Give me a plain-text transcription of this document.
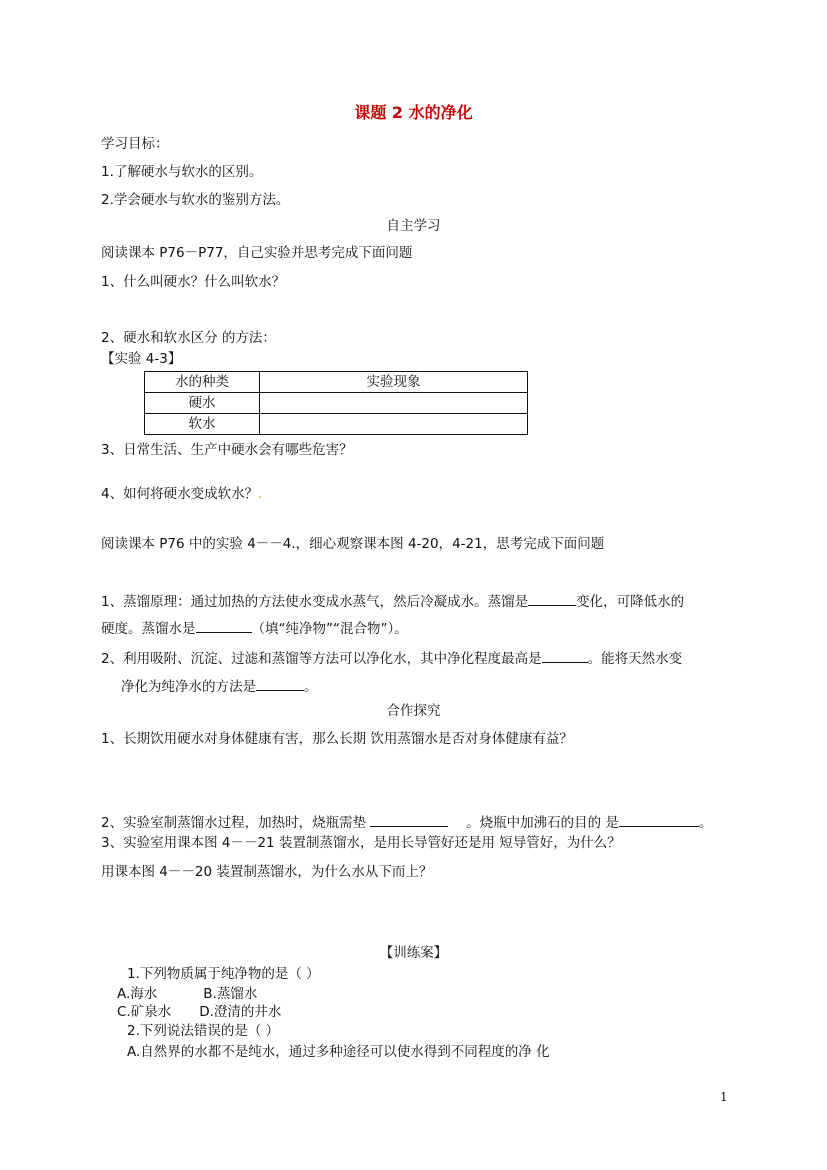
课题 2 水的净化
学习目标：
1.了解硬水与软水的区别。
2.学会硬水与软水的鉴别方法。
自主学习
阅读课本 P76－P77，自己实验并思考完成下面问题
1、什么叫硬水？什么叫软水？
2、硬水和软水区分 的方法：
【实验 4-3】
水的种类	实验现象
硬水	
软水	
3、日常生活、生产中硬水会有哪些危害？
4、如何将硬水变成软水？.
阅读课本 P76 中的实验 4－－4.，细心观察课本图 4-20，4-21，思考完成下面问题
1、蒸馏原理：通过加热的方法使水变成水蒸气，然后冷凝成水。蒸馏是	变化，可降低水的
硬度。蒸馏水是	（填“纯净物”“混合物”）。
2、利用吸附、沉淀、过滤和蒸馏等方法可以净化水，其中净化程度最高是	。能将天然水变
净化为纯净水的方法是	。
合作探究
1、长期饮用硬水对身体健康有害，那么长期 饮用蒸馏水是否对身体健康有益？
2、实验室制蒸馏水过程，加热时，烧瓶需垫	。烧瓶中加沸石的目的 是	。
3、实验室用课本图 4－－21 装置制蒸馏水，是用长导管好还是用 短导管好，为什么？
用课本图 4－－20 装置制蒸馏水，为什么水从下而上？
【训练案】
1.下列物质属于纯净物的是（ ）
A.海水	B.蒸馏水
C.矿泉水 D.澄清的井水
2.下列说法错误的是（ ）
A.自然界的水都不是纯水，通过多种途径可以使水得到不同程度的净 化
1
